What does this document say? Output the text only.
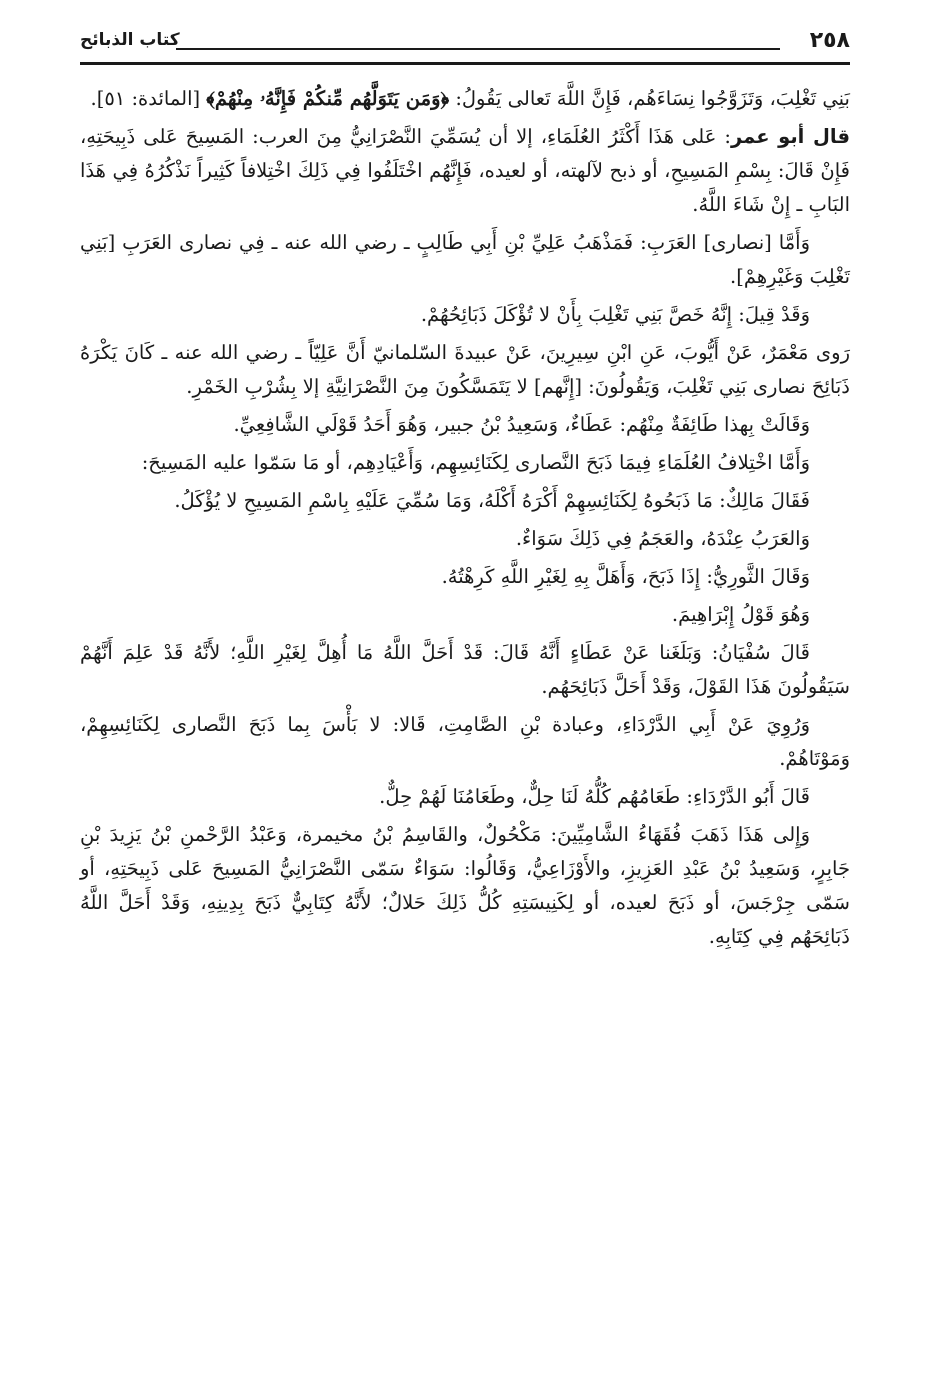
٢٥٨
كتاب الذبائح

بَنِي تَغْلِبَ، وَتَزَوَّجُوا نِسَاءَهُم، فَإِنَّ اللَّهَ تَعالى يَقُولُ: ﴿وَمَن يَتَوَلَّهُم مِّنكُمْ فَإِنَّهُۥ مِنْهُمْ﴾ [المائدة: ٥١].

قال أبو عمر: عَلى هَذَا أَكْثَرُ العُلَمَاءِ، إلا أن يُسَمِّيَ النَّصْرَانِيُّ مِنَ العرب: المَسِيحَ عَلى ذَبِيحَتِهِ، فَإِنْ قَالَ: بِسْمِ المَسِيحِ، أو ذبح لآلهته، أو لعيده، فَإِنَّهُم اخْتَلَفُوا فِي ذَلِكَ اخْتِلافاً كَثِيراً نَذْكُرُهُ فِي هَذَا البَابِ ـ إِنْ شَاءَ اللَّهُ.

وَأَمَّا [نصارى] العَرَبِ: فَمَذْهَبُ عَلِيِّ بْنِ أَبِي طَالِبٍ ـ رضي الله عنه ـ فِي نصارى العَرَبِ [بَنِي تَغْلِبَ وَغَيْرِهِمْ].

وَقَدْ قِيلَ: إِنَّهُ خَصَّ بَنِي تَغْلِبَ بِأَنْ لا تُؤْكَلَ ذَبَائِحُهُمْ.

رَوى مَعْمَرٌ، عَنْ أَيُّوبَ، عَنِ ابْنِ سِيرِينَ، عَنْ عبيدةَ السّلمانيّ أَنَّ عَلِيّاً ـ رضي الله عنه ـ كَانَ يَكْرَهُ ذَبَائِحَ نصارى بَنِي تَغْلِبَ، وَيَقُولُونَ: [إِنَّهم] لا يَتَمَسَّكُونَ مِنَ النَّصْرَانِيَّةِ إلا بِشُرْبِ الخَمْرِ.

وَقَالَتْ بِهذا طَائِفَةٌ مِنْهُم: عَطَاءٌ، وَسَعِيدُ بْنُ جبير، وَهُوَ أَحَدُ قَوْلَي الشَّافِعِيِّ.

وَأَمَّا اخْتِلافُ العُلَمَاءِ فِيمَا ذَبَحَ النَّصارى لِكَنَائِسِهِم، وَأَعْيَادِهِم، أو مَا سَمّوا عليه المَسِيحَ:

فَقَالَ مَالِكٌ: مَا ذَبَحُوهُ لِكَنَائِسِهِمْ أَكْرَهُ أَكْلَهُ، وَمَا سُمِّيَ عَلَيْهِ بِاسْمِ المَسِيحِ لا يُؤْكَلُ.

وَالعَرَبُ عِنْدَهُ، والعَجَمُ فِي ذَلِكَ سَوَاءٌ.

وَقَالَ الثَّورِيُّ: إِذَا ذَبَحَ، وَأَهَلَّ بِهِ لِغَيْرِ اللَّهِ كَرِهْتُهُ.

وَهُوَ قَوْلُ إِبْرَاهِيمَ.

قَالَ سُفْيَانُ: وَبَلَغَنا عَنْ عَطَاءٍ أَنَّهُ قَالَ: قَدْ أَحَلَّ اللَّهُ مَا أُهِلَّ لِغَيْرِ اللَّهِ؛ لأَنَّهُ قَدْ عَلِمَ أَنَّهُمْ سَيَقُولُونَ هَذَا القَوْلَ، وَقَدْ أَحَلَّ ذَبَائِحَهُم.

وَرُوِيَ عَنْ أَبِي الدَّرْدَاءِ، وعبادة بْنِ الصَّامِتِ، قَالا: لا بَأْسَ بِما ذَبَحَ النَّصارى لِكَنَائِسِهِمْ، وَمَوْتَاهُمْ.

قَالَ أَبُو الدَّرْدَاءِ: طَعَامُهُم كُلُّهُ لَنَا حِلٌّ، وطَعَامُنَا لَهُمْ حِلٌّ.

وَإِلى هَذَا ذَهَبَ فُقَهَاءُ الشَّامِيِّينَ: مَكْحُولٌ، والقَاسِمُ بْنُ مخيمرة، وَعَبْدُ الرَّحْمنِ بْنُ يَزِيدَ بْنِ جَابِرٍ، وَسَعِيدُ بْنُ عَبْدِ العَزِيزِ، والأَوْزَاعِيُّ، وَقَالُوا: سَوَاءٌ سَمّى النَّصْرَانِيُّ المَسِيحَ عَلى ذَبِيحَتِهِ، أو سَمّى جِرْجَسَ، أو ذَبَحَ لعيده، أو لِكَنِيسَتِهِ كُلُّ ذَلِكَ حَلالٌ؛ لأَنَّهُ كِتَابِيٌّ ذَبَحَ بِدِينِهِ، وَقَدْ أَحَلَّ اللَّهُ ذَبَائِحَهُم فِي كِتَابِهِ.
